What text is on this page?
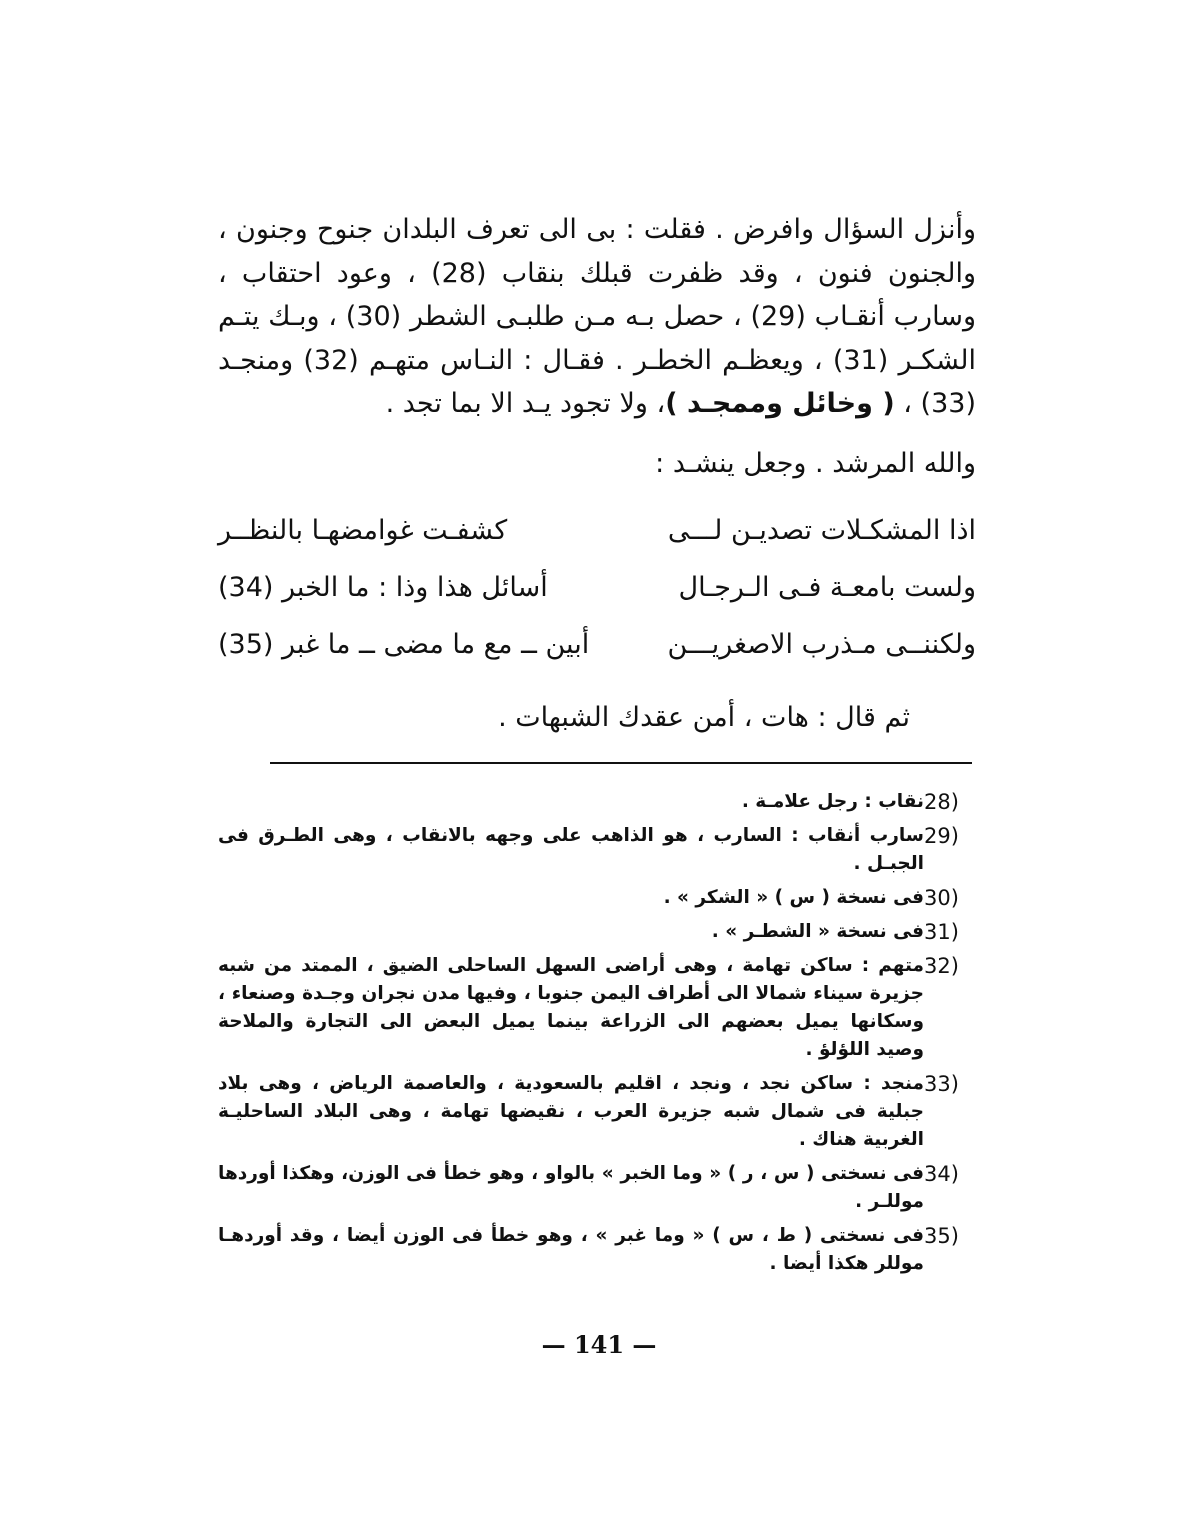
وأنزل السؤال وافرض . فقلت : بى الى تعرف البلدان جنوح وجنون ، والجنون فنون ، وقد ظفرت قبلك بنقاب (28) ، وعود احتقاب ، وسارب أنقـاب (29) ، حصل بـه مـن طلبـى الشطر (30) ، وبـك يتـم الشكـر (31) ، ويعظـم الخطـر . فقـال : النـاس متهـم (32) ومنجـد (33) ، ( وخائل وممجـد )، ولا تجود يـد الا بما تجد .

والله المرشد . وجعل ينشـد :

اذا المشكـلات تصديـن لـــى
كشفـت غوامضهـا بالنظــر
ولست بامعـة فـى الـرجـال
أسائل هذا وذا : ما الخبر (34)
ولكننــى مـذرب الاصغريـــن
أبين ــ مع ما مضى ــ ما غبر (35)
ثم قال : هات ، أمن عقدك الشبهات .
28)
نقاب : رجل علامـة .
29)
سارب أنقاب : السارب ، هو الذاهب على وجهه بالانقاب ، وهى الطـرق فى الجبـل .
30)
فى نسخة ( س ) « الشكر » .
31)
فى نسخة « الشطـر » .
32)
متهم : ساكن تهامة ، وهى أراضى السهل الساحلى الضيق ، الممتد من شبه جزيرة سيناء شمالا الى أطراف اليمن جنوبا ، وفيها مدن نجران وجـدة وصنعاء ، وسكانها يميل بعضهم الى الزراعة بينما يميل البعض الى التجارة والملاحة وصيد اللؤلؤ .
33)
منجد : ساكن نجد ، ونجد ، اقليم بالسعودية ، والعاصمة الرياض ، وهى بلاد جبلية فى شمال شبه جزيرة العرب ، نقيضها تهامة ، وهى البلاد الساحليـة الغربية هناك .
34)
فى نسختى ( س ، ر ) « وما الخبر » بالواو ، وهو خطأ فى الوزن، وهكذا أوردها موللـر .
35)
فى نسختى ( ط ، س ) « وما غبر » ، وهو خطأ فى الوزن أيضا ، وقد أوردهـا موللر هكذا أيضا .
— 141 —
